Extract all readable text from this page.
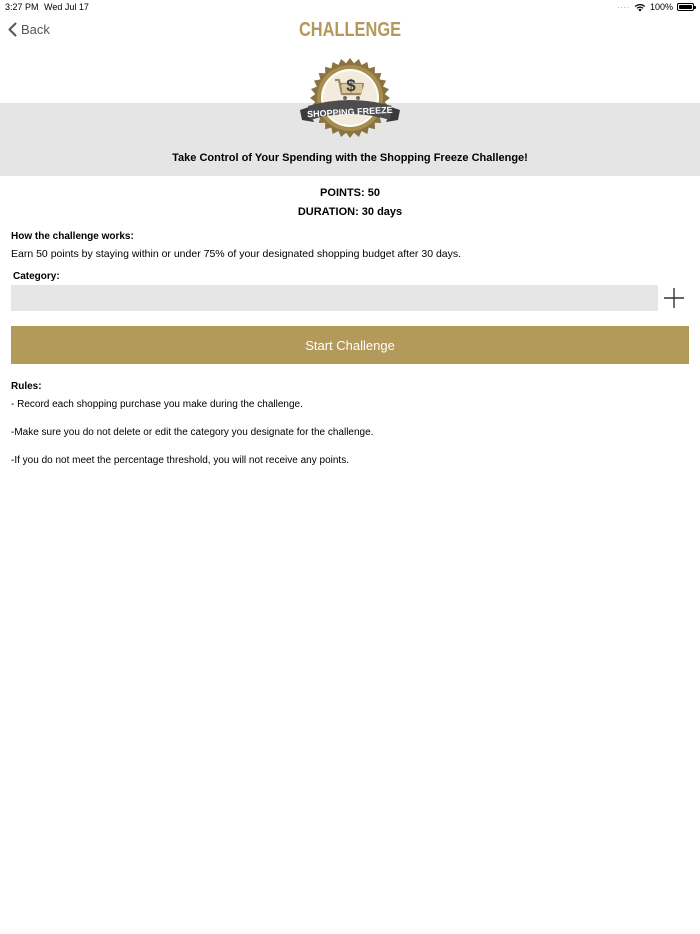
3:27 PM Wed Jul 17	···· 100%
Back	CHALLENGE
$
SHOPPING FREEZE
Take Control of Your Spending with the Shopping Freeze Challenge!
POINTS: 50
DURATION: 30 days
How the challenge works:
Earn 50 points by staying within or under 75% of your designated shopping budget after 30 days.
Category:
Start Challenge
Rules:
- Record each shopping purchase you make during the challenge.
-Make sure you do not delete or edit the category you designate for the challenge.
-If you do not meet the percentage threshold, you will not receive any points.
